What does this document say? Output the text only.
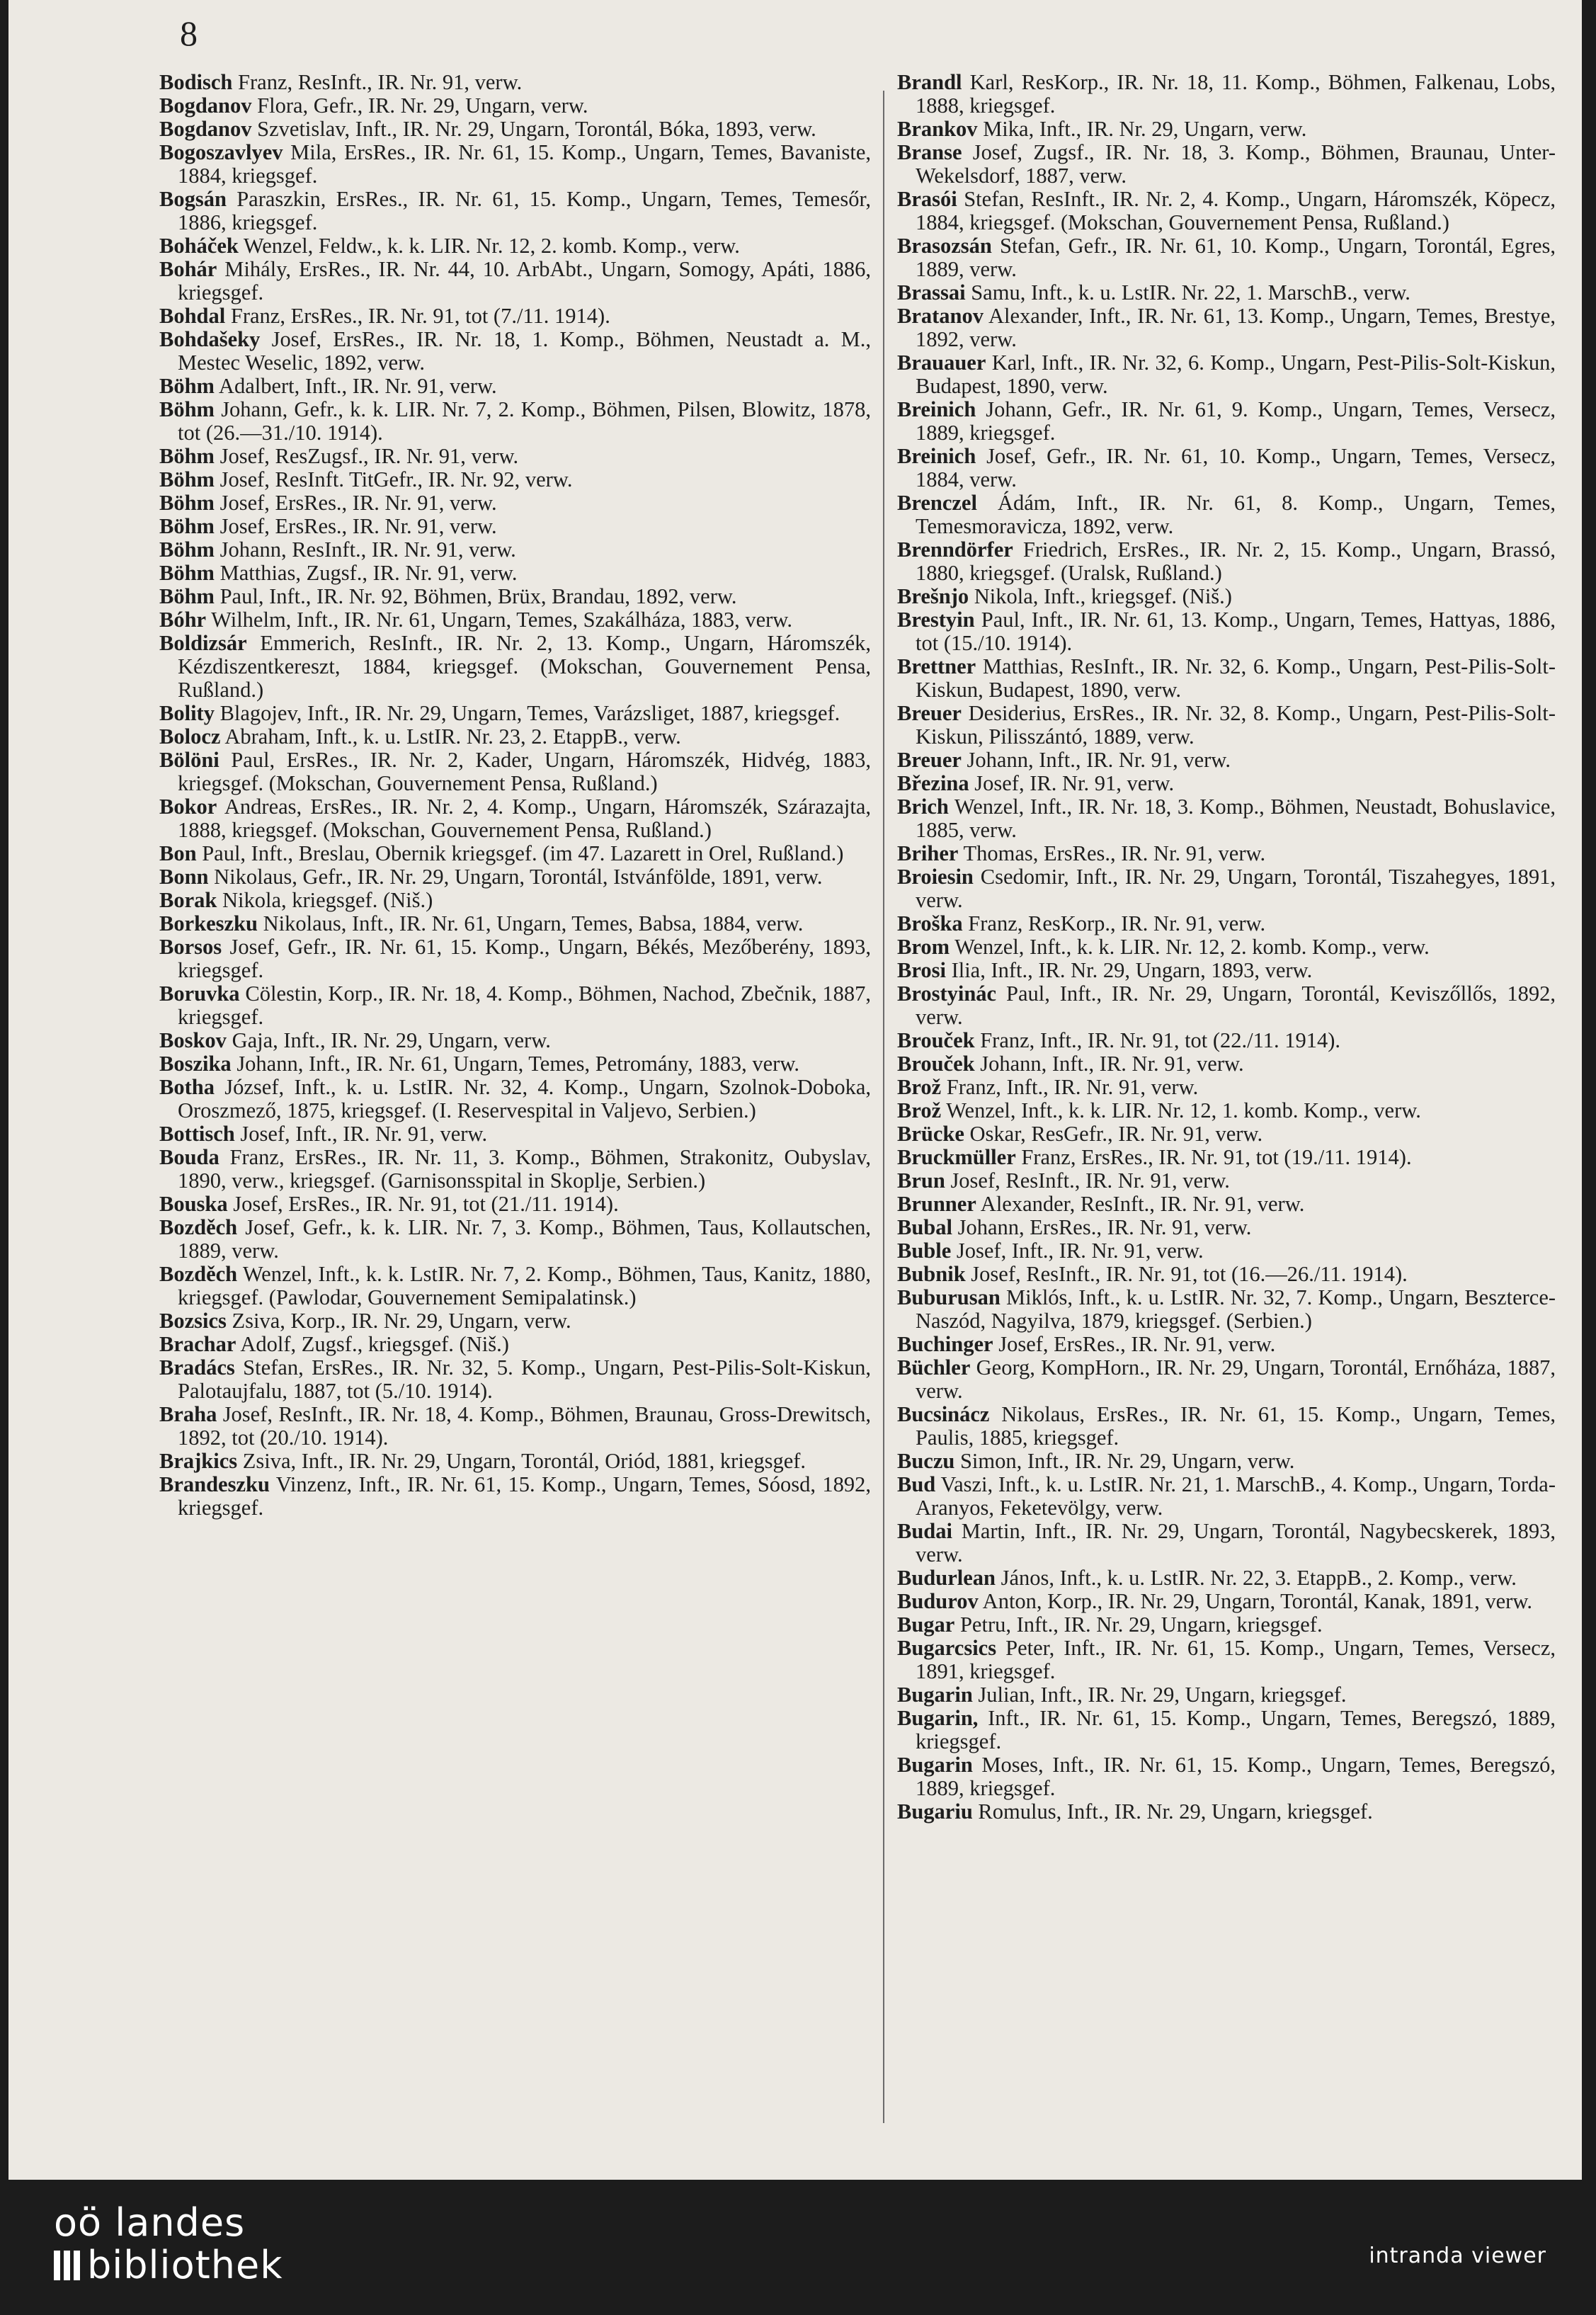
8

Bodisch Franz, ResInft., IR. Nr. 91, verw.

Bogdanov Flora, Gefr., IR. Nr. 29, Ungarn, verw.

Bogdanov Szvetislav, Inft., IR. Nr. 29, Ungarn, Torontál, Bóka, 1893, verw.

Bogoszavlyev Mila, ErsRes., IR. Nr. 61, 15. Komp., Ungarn, Temes, Bavaniste, 1884, kriegsgef.

Bogsán Paraszkin, ErsRes., IR. Nr. 61, 15. Komp., Ungarn, Temes, Temesőr, 1886, kriegsgef.

Boháček Wenzel, Feldw., k. k. LIR. Nr. 12, 2. komb. Komp., verw.

Bohár Mihály, ErsRes., IR. Nr. 44, 10. ArbAbt., Ungarn, Somogy, Apáti, 1886, kriegsgef.

Bohdal Franz, ErsRes., IR. Nr. 91, tot (7./11. 1914).

Bohdašeky Josef, ErsRes., IR. Nr. 18, 1. Komp., Böhmen, Neustadt a. M., Mestec Weselic, 1892, verw.

Böhm Adalbert, Inft., IR. Nr. 91, verw.

Böhm Johann, Gefr., k. k. LIR. Nr. 7, 2. Komp., Böhmen, Pilsen, Blowitz, 1878, tot (26.—31./10. 1914).

Böhm Josef, ResZugsf., IR. Nr. 91, verw.

Böhm Josef, ResInft. TitGefr., IR. Nr. 92, verw.

Böhm Josef, ErsRes., IR. Nr. 91, verw.

Böhm Josef, ErsRes., IR. Nr. 91, verw.

Böhm Johann, ResInft., IR. Nr. 91, verw.

Böhm Matthias, Zugsf., IR. Nr. 91, verw.

Böhm Paul, Inft., IR. Nr. 92, Böhmen, Brüx, Brandau, 1892, verw.

Bóhr Wilhelm, Inft., IR. Nr. 61, Ungarn, Temes, Szakálháza, 1883, verw.

Boldizsár Emmerich, ResInft., IR. Nr. 2, 13. Komp., Ungarn, Háromszék, Kézdiszentkereszt, 1884, kriegsgef. (Mokschan, Gouvernement Pensa, Rußland.)

Bolity Blagojev, Inft., IR. Nr. 29, Ungarn, Temes, Varázsliget, 1887, kriegsgef.

Bolocz Abraham, Inft., k. u. LstIR. Nr. 23, 2. EtappB., verw.

Bölöni Paul, ErsRes., IR. Nr. 2, Kader, Ungarn, Háromszék, Hidvég, 1883, kriegsgef. (Mokschan, Gouvernement Pensa, Rußland.)

Bokor Andreas, ErsRes., IR. Nr. 2, 4. Komp., Ungarn, Háromszék, Szárazajta, 1888, kriegsgef. (Mokschan, Gouvernement Pensa, Rußland.)

Bon Paul, Inft., Breslau, Obernik kriegsgef. (im 47. Lazarett in Orel, Rußland.)

Bonn Nikolaus, Gefr., IR. Nr. 29, Ungarn, Torontál, Istvánfölde, 1891, verw.

Borak Nikola, kriegsgef. (Niš.)

Borkeszku Nikolaus, Inft., IR. Nr. 61, Ungarn, Temes, Babsa, 1884, verw.

Borsos Josef, Gefr., IR. Nr. 61, 15. Komp., Ungarn, Békés, Mezőberény, 1893, kriegsgef.

Boruvka Cölestin, Korp., IR. Nr. 18, 4. Komp., Böhmen, Nachod, Zbečnik, 1887, kriegsgef.

Boskov Gaja, Inft., IR. Nr. 29, Ungarn, verw.

Boszika Johann, Inft., IR. Nr. 61, Ungarn, Temes, Petromány, 1883, verw.

Botha József, Inft., k. u. LstIR. Nr. 32, 4. Komp., Ungarn, Szolnok-Doboka, Oroszmező, 1875, kriegsgef. (I. Reservespital in Valjevo, Serbien.)

Bottisch Josef, Inft., IR. Nr. 91, verw.

Bouda Franz, ErsRes., IR. Nr. 11, 3. Komp., Böhmen, Strakonitz, Oubyslav, 1890, verw., kriegsgef. (Garnisonsspital in Skoplje, Serbien.)

Bouska Josef, ErsRes., IR. Nr. 91, tot (21./11. 1914).

Bozděch Josef, Gefr., k. k. LIR. Nr. 7, 3. Komp., Böhmen, Taus, Kollautschen, 1889, verw.

Bozděch Wenzel, Inft., k. k. LstIR. Nr. 7, 2. Komp., Böhmen, Taus, Kanitz, 1880, kriegsgef. (Pawlodar, Gouvernement Semipalatinsk.)

Bozsics Zsiva, Korp., IR. Nr. 29, Ungarn, verw.

Brachar Adolf, Zugsf., kriegsgef. (Niš.)

Bradács Stefan, ErsRes., IR. Nr. 32, 5. Komp., Ungarn, Pest-Pilis-Solt-Kiskun, Palotaujfalu, 1887, tot (5./10. 1914).

Braha Josef, ResInft., IR. Nr. 18, 4. Komp., Böhmen, Braunau, Gross-Drewitsch, 1892, tot (20./10. 1914).

Brajkics Zsiva, Inft., IR. Nr. 29, Ungarn, Torontál, Oriód, 1881, kriegsgef.

Brandeszku Vinzenz, Inft., IR. Nr. 61, 15. Komp., Ungarn, Temes, Sóosd, 1892, kriegsgef.

Brandl Karl, ResKorp., IR. Nr. 18, 11. Komp., Böhmen, Falkenau, Lobs, 1888, kriegsgef.

Brankov Mika, Inft., IR. Nr. 29, Ungarn, verw.

Branse Josef, Zugsf., IR. Nr. 18, 3. Komp., Böhmen, Braunau, Unter-Wekelsdorf, 1887, verw.

Brasói Stefan, ResInft., IR. Nr. 2, 4. Komp., Ungarn, Háromszék, Köpecz, 1884, kriegsgef. (Mokschan, Gouvernement Pensa, Rußland.)

Brasozsán Stefan, Gefr., IR. Nr. 61, 10. Komp., Ungarn, Torontál, Egres, 1889, verw.

Brassai Samu, Inft., k. u. LstIR. Nr. 22, 1. MarschB., verw.

Bratanov Alexander, Inft., IR. Nr. 61, 13. Komp., Ungarn, Temes, Brestye, 1892, verw.

Brauauer Karl, Inft., IR. Nr. 32, 6. Komp., Ungarn, Pest-Pilis-Solt-Kiskun, Budapest, 1890, verw.

Breinich Johann, Gefr., IR. Nr. 61, 9. Komp., Ungarn, Temes, Versecz, 1889, kriegsgef.

Breinich Josef, Gefr., IR. Nr. 61, 10. Komp., Ungarn, Temes, Versecz, 1884, verw.

Brenczel Ádám, Inft., IR. Nr. 61, 8. Komp., Ungarn, Temes, Temesmoravicza, 1892, verw.

Brenndörfer Friedrich, ErsRes., IR. Nr. 2, 15. Komp., Ungarn, Brassó, 1880, kriegsgef. (Uralsk, Rußland.)

Brešnjo Nikola, Inft., kriegsgef. (Niš.)

Brestyin Paul, Inft., IR. Nr. 61, 13. Komp., Ungarn, Temes, Hattyas, 1886, tot (15./10. 1914).

Brettner Matthias, ResInft., IR. Nr. 32, 6. Komp., Ungarn, Pest-Pilis-Solt-Kiskun, Budapest, 1890, verw.

Breuer Desiderius, ErsRes., IR. Nr. 32, 8. Komp., Ungarn, Pest-Pilis-Solt-Kiskun, Pilisszántó, 1889, verw.

Breuer Johann, Inft., IR. Nr. 91, verw.

Březina Josef, IR. Nr. 91, verw.

Brich Wenzel, Inft., IR. Nr. 18, 3. Komp., Böhmen, Neustadt, Bohuslavice, 1885, verw.

Briher Thomas, ErsRes., IR. Nr. 91, verw.

Broiesin Csedomir, Inft., IR. Nr. 29, Ungarn, Torontál, Tiszahegyes, 1891, verw.

Broška Franz, ResKorp., IR. Nr. 91, verw.

Brom Wenzel, Inft., k. k. LIR. Nr. 12, 2. komb. Komp., verw.

Brosi Ilia, Inft., IR. Nr. 29, Ungarn, 1893, verw.

Brostyinác Paul, Inft., IR. Nr. 29, Ungarn, Torontál, Keviszőllős, 1892, verw.

Brouček Franz, Inft., IR. Nr. 91, tot (22./11. 1914).

Brouček Johann, Inft., IR. Nr. 91, verw.

Brož Franz, Inft., IR. Nr. 91, verw.

Brož Wenzel, Inft., k. k. LIR. Nr. 12, 1. komb. Komp., verw.

Brücke Oskar, ResGefr., IR. Nr. 91, verw.

Bruckmüller Franz, ErsRes., IR. Nr. 91, tot (19./11. 1914).

Brun Josef, ResInft., IR. Nr. 91, verw.

Brunner Alexander, ResInft., IR. Nr. 91, verw.

Bubal Johann, ErsRes., IR. Nr. 91, verw.

Buble Josef, Inft., IR. Nr. 91, verw.

Bubnik Josef, ResInft., IR. Nr. 91, tot (16.—26./11. 1914).

Buburusan Miklós, Inft., k. u. LstIR. Nr. 32, 7. Komp., Ungarn, Beszterce-Naszód, Nagyilva, 1879, kriegsgef. (Serbien.)

Buchinger Josef, ErsRes., IR. Nr. 91, verw.

Büchler Georg, KompHorn., IR. Nr. 29, Ungarn, Torontál, Ernőháza, 1887, verw.

Bucsinácz Nikolaus, ErsRes., IR. Nr. 61, 15. Komp., Ungarn, Temes, Paulis, 1885, kriegsgef.

Buczu Simon, Inft., IR. Nr. 29, Ungarn, verw.

Bud Vaszi, Inft., k. u. LstIR. Nr. 21, 1. MarschB., 4. Komp., Ungarn, Torda-Aranyos, Feketevölgy, verw.

Budai Martin, Inft., IR. Nr. 29, Ungarn, Torontál, Nagybecskerek, 1893, verw.

Budurlean János, Inft., k. u. LstIR. Nr. 22, 3. EtappB., 2. Komp., verw.

Budurov Anton, Korp., IR. Nr. 29, Ungarn, Torontál, Kanak, 1891, verw.

Bugar Petru, Inft., IR. Nr. 29, Ungarn, kriegsgef.

Bugarcsics Peter, Inft., IR. Nr. 61, 15. Komp., Ungarn, Temes, Versecz, 1891, kriegsgef.

Bugarin Julian, Inft., IR. Nr. 29, Ungarn, kriegsgef.

Bugarin, Inft., IR. Nr. 61, 15. Komp., Ungarn, Temes, Beregszó, 1889, kriegsgef.

Bugarin Moses, Inft., IR. Nr. 61, 15. Komp., Ungarn, Temes, Beregszó, 1889, kriegsgef.

Bugariu Romulus, Inft., IR. Nr. 29, Ungarn, kriegsgef.

oö landes
bibliothek	intranda viewer
